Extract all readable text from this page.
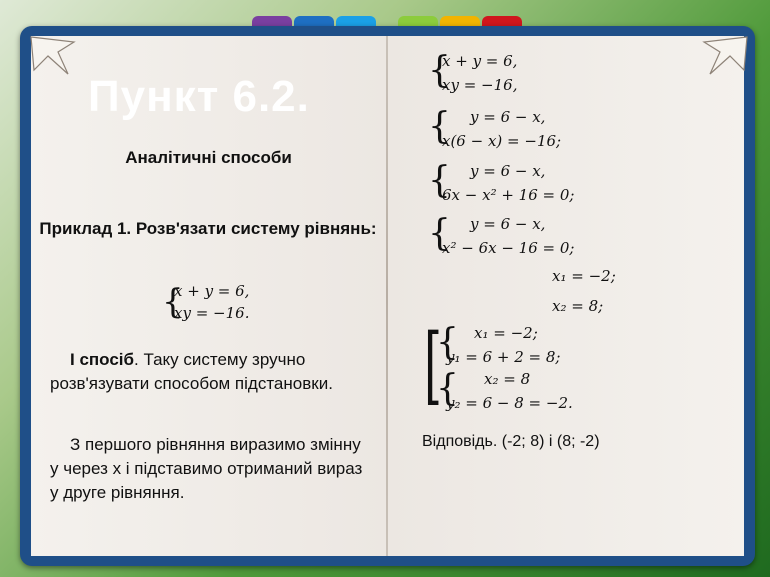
Пункт 6.2.
Аналітичні способи
Приклад 1. Розв'язати систему рівнянь:
{
x + y = 6,
xy = −16.
І спосіб. Таку систему зручно розв'язувати способом підстановки.
З першого рівняння виразимо змінну у через х і підставимо отриманий вираз у друге рівняння.
{
x + y = 6,
xy = −16,
{ y = 6 − x,
x(6 − x) = −16;
{ y = 6 − x,
6x − x² + 16 = 0;
{ y = 6 − x,
x² − 6x − 16 = 0;
x₁ = −2;
x₂ = 8;
[
{ x₁ = −2;
y₁ = 6 + 2 = 8;
{ x₂ = 8
y₂ = 6 − 8 = −2.
Відповідь. (-2; 8) і (8; -2)
